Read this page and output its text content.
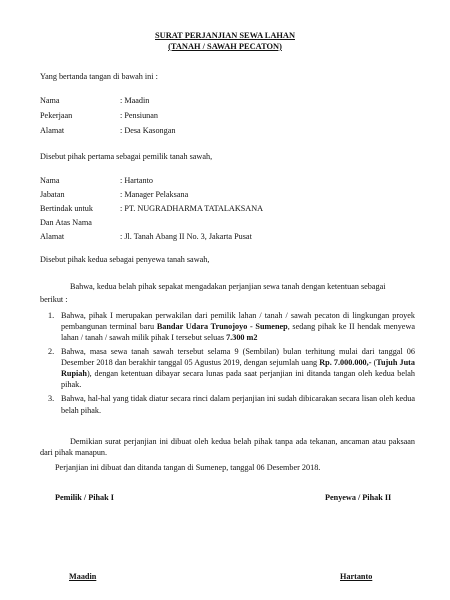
SURAT PERJANJIAN SEWA LAHAN
(TANAH / SAWAH PECATON)
Yang bertanda tangan di bawah ini :
Nama	: Maadin
Pekerjaan	: Pensiunan
Alamat	: Desa Kasongan
Disebut pihak pertama sebagai pemilik tanah sawah,
Nama	: Hartanto
Jabatan	: Manager Pelaksana
Bertindak untuk	: PT. NUGRADHARMA TATALAKSANA
Dan Atas Nama
Alamat	: Jl. Tanah Abang II No. 3, Jakarta Pusat
Disebut pihak kedua sebagai penyewa tanah sawah,
Bahwa, kedua belah pihak sepakat mengadakan perjanjian sewa tanah dengan ketentuan sebagai
berikut :
1. Bahwa, pihak I merupakan perwakilan dari pemilik lahan / tanah / sawah pecaton di lingkungan proyek pembangunan terminal baru Bandar Udara Trunojoyo - Sumenep, sedang pihak ke II hendak menyewa lahan / tanah / sawah milik pihak I tersebut seluas 7.300 m2
2. Bahwa, masa sewa tanah sawah tersebut selama 9 (Sembilan) bulan terhitung mulai dari tanggal 06 Desember 2018 dan berakhir tanggal 05 Agustus 2019, dengan sejumlah uang Rp. 7.000.000,- (Tujuh Juta Rupiah), dengan ketentuan dibayar secara lunas pada saat perjanjian ini ditanda tangan oleh kedua belah pihak.
3. Bahwa, hal-hal yang tidak diatur secara rinci dalam perjanjian ini sudah dibicarakan secara lisan oleh kedua belah pihak.
Demikian surat perjanjian ini dibuat oleh kedua belah pihak tanpa ada tekanan, ancaman atau paksaan dari pihak manapun.
Perjanjian ini dibuat dan ditanda tangan di Sumenep, tanggal 06 Desember 2018.
Pemilik / Pihak I	Penyewa / Pihak II
Maadin	Hartanto
